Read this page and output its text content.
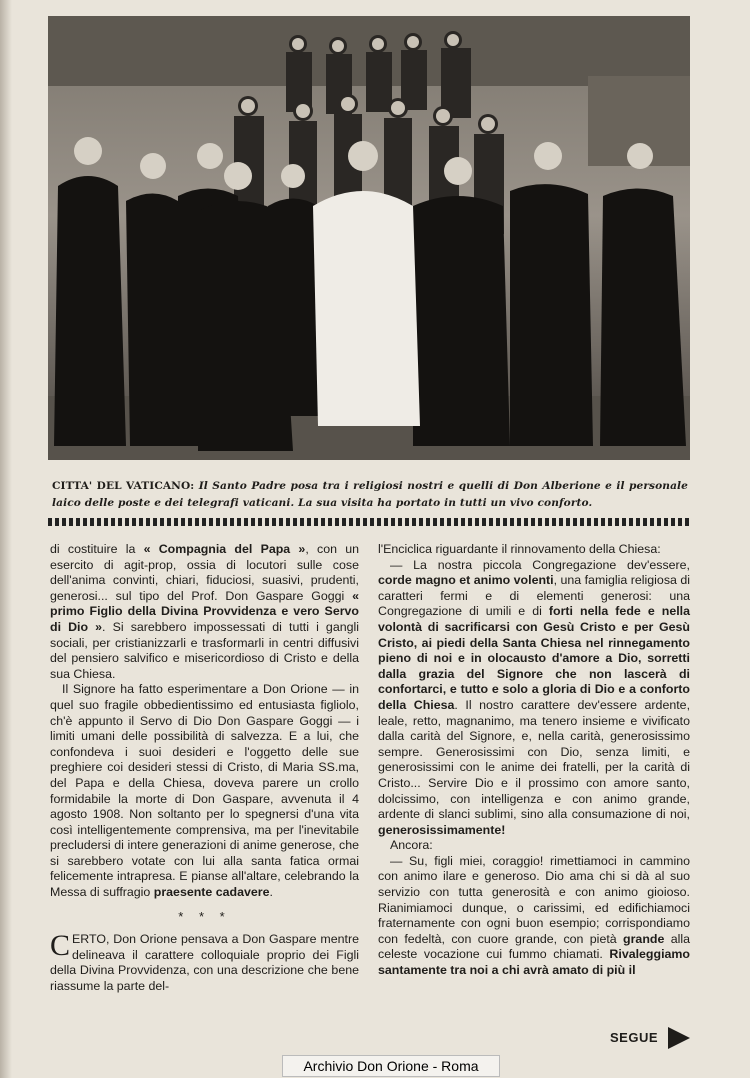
CITTA' DEL VATICANO: Il Santo Padre posa tra i religiosi nostri e quelli di Don Alberione e il personale laico delle poste e dei telegrafi vaticani. La sua visita ha portato in tutti un vivo conforto.

di costituire la « Compagnia del Papa », con un esercito di agit-prop, ossia di locutori sulle cose dell'anima convinti, chiari, fiduciosi, suasivi, prudenti, generosi... sul tipo del Prof. Don Gaspare Goggi « primo Figlio della Divina Provvidenza e vero Servo di Dio ». Si sarebbero impossessati di tutti i gangli sociali, per cristianizzarli e trasformarli in centri diffusivi del pensiero salvifico e misericordioso di Cristo e della sua Chiesa.

Il Signore ha fatto esperimentare a Don Orione — in quel suo fragile obbedientissimo ed entusiasta figliolo, ch'è appunto il Servo di Dio Don Gaspare Goggi — i limiti umani delle possibilità di salvezza. E a lui, che confondeva i suoi desideri e l'oggetto delle sue preghiere coi desideri stessi di Cristo, di Maria SS.ma, del Papa e della Chiesa, doveva parere un crollo formidabile la morte di Don Gaspare, avvenuta il 4 agosto 1908. Non soltanto per lo spegnersi d'una vita così intelligentemente comprensiva, ma per l'inevitabile precludersi di intere generazioni di anime generose, che si sarebbero votate con lui alla santa fatica ormai felicemente intrapresa. E pianse all'altare, celebrando la Messa di suffragio praesente cadavere.

* * *

CERTO, Don Orione pensava a Don Gaspare mentre delineava il carattere colloquiale proprio dei Figli della Divina Provvidenza, con una descrizione che bene riassume la parte del-

l'Enciclica riguardante il rinnovamento della Chiesa:

— La nostra piccola Congregazione dev'essere, corde magno et animo volenti, una famiglia religiosa di caratteri fermi e di elementi generosi: una Congregazione di umili e di forti nella fede e nella volontà di sacrificarsi con Gesù Cristo e per Gesù Cristo, ai piedi della Santa Chiesa nel rinnegamento pieno di noi e in olocausto d'amore a Dio, sorretti dalla grazia del Signore che non lascerà di confortarci, e tutto e solo a gloria di Dio e a conforto della Chiesa. Il nostro carattere dev'essere ardente, leale, retto, magnanimo, ma tenero insieme e vivificato dalla carità del Signore, e, nella carità, generosissimo sempre. Generosissimi con Dio, senza limiti, e generosissimi con le anime dei fratelli, per la carità di Cristo... Servire Dio e il prossimo con amore santo, dolcissimo, con intelligenza e con animo grande, ardente di slanci sublimi, sino alla consumazione di noi, generosissimamente!

Ancora:

— Su, figli miei, coraggio! rimettiamoci in cammino con animo ilare e generoso. Dio ama chi si dà al suo servizio con tutta generosità e con animo gioioso. Rianimiamoci dunque, o carissimi, ed edifichiamoci fraternamente con ogni buon esempio; corrispondiamo con fedeltà, con cuore grande, con pietà grande alla celeste vocazione cui fummo chiamati. Rivaleggiamo santamente tra noi a chi avrà amato di più il

SEGUE
Archivio Don Orione - Roma
